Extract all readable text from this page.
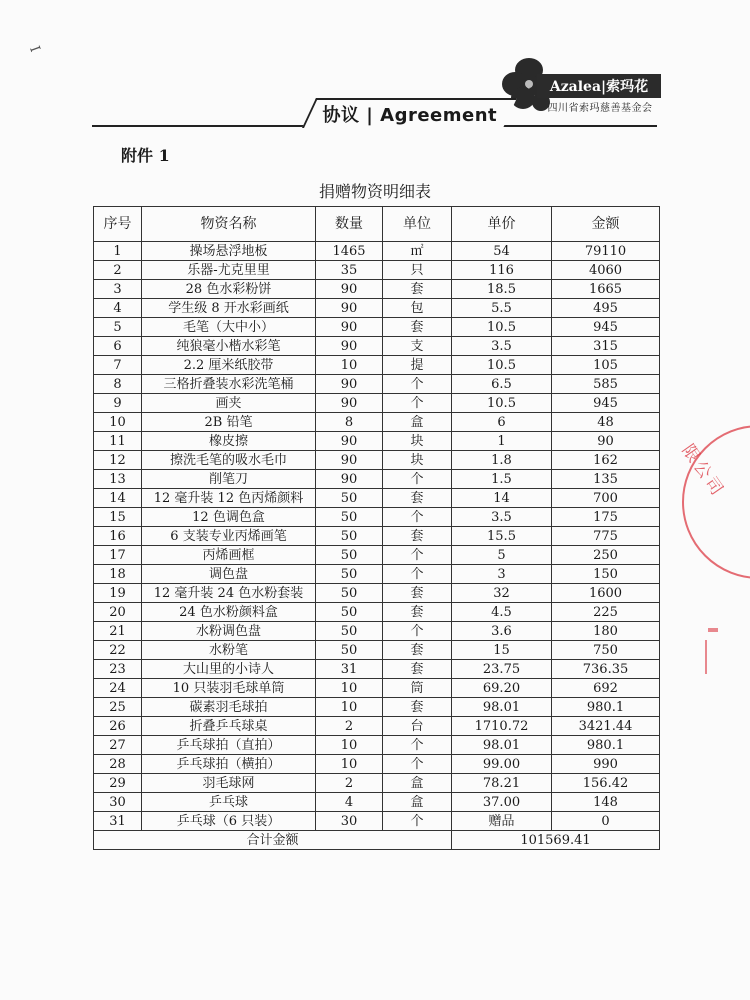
ꟷ
Azalea|索玛花
四川省索玛慈善基金会
协议 | Agreement
附件 1
捐赠物资明细表
序号	物资名称	数量	单位	单价	金额
1	操场悬浮地板	1465	㎡	54	79110
2	乐器-尤克里里	35	只	116	4060
3	28 色水彩粉饼	90	套	18.5	1665
4	学生级 8 开水彩画纸	90	包	5.5	495
5	毛笔（大中小）	90	套	10.5	945
6	纯狼毫小楷水彩笔	90	支	3.5	315
7	2.2 厘米纸胶带	10	提	10.5	105
8	三格折叠装水彩洗笔桶	90	个	6.5	585
9	画夹	90	个	10.5	945
10	2B 铅笔	8	盒	6	48
11	橡皮擦	90	块	1	90
12	擦洗毛笔的吸水毛巾	90	块	1.8	162
13	削笔刀	90	个	1.5	135
14	12 毫升装 12 色丙烯颜料	50	套	14	700
15	12 色调色盒	50	个	3.5	175
16	6 支装专业丙烯画笔	50	套	15.5	775
17	丙烯画框	50	个	5	250
18	调色盘	50	个	3	150
19	12 毫升装 24 色水粉套装	50	套	32	1600
20	24 色水粉颜料盒	50	套	4.5	225
21	水粉调色盘	50	个	3.6	180
22	水粉笔	50	套	15	750
23	大山里的小诗人	31	套	23.75	736.35
24	10 只装羽毛球单筒	10	筒	69.20	692
25	碳素羽毛球拍	10	套	98.01	980.1
26	折叠乒乓球桌	2	台	1710.72	3421.44
27	乒乓球拍（直拍）	10	个	98.01	980.1
28	乒乓球拍（横拍）	10	个	99.00	990
29	羽毛球网	2	盒	78.21	156.42
30	乒乓球	4	盒	37.00	148
31	乒乓球（6 只装）	30	个	赠品	0
合计金额				101569.41	
限公司
